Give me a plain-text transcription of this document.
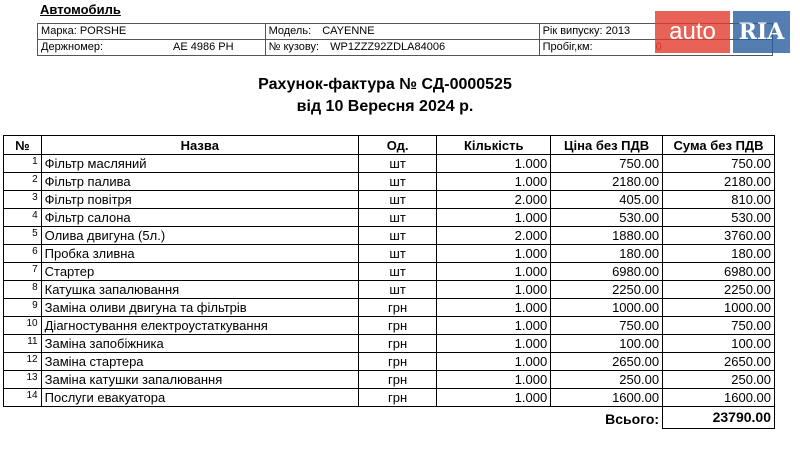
Автомобиль
Марка: PORSHE	Модель: CAYENNE	Рік випуску: 2013
Держномер: AE 4986 PH	№ кузову: WP1ZZZ92ZDLA84006	Пробіг,км:
auto	RIA
Рахунок-фактура № СД-0000525
від 10 Вересня 2024 р.
№	Назва	Од.	Кількість	Ціна без ПДВ	Сума без ПДВ
1	Фільтр масляний	шт	1.000	750.00	750.00
2	Фільтр палива	шт	1.000	2180.00	2180.00
3	Фільтр повітря	шт	2.000	405.00	810.00
4	Фільтр салона	шт	1.000	530.00	530.00
5	Олива двигуна (5л.)	шт	2.000	1880.00	3760.00
6	Пробка зливна	шт	1.000	180.00	180.00
7	Стартер	шт	1.000	6980.00	6980.00
8	Катушка запалювання	шт	1.000	2250.00	2250.00
9	Заміна оливи двигуна та фільтрів	грн	1.000	1000.00	1000.00
10	Діагностування електроустаткування	грн	1.000	750.00	750.00
11	Заміна запобіжника	грн	1.000	100.00	100.00
12	Заміна стартера	грн	1.000	2650.00	2650.00
13	Заміна катушки запалювання	грн	1.000	250.00	250.00
14	Послуги евакуатора	грн	1.000	1600.00	1600.00
Всього:					23790.00
